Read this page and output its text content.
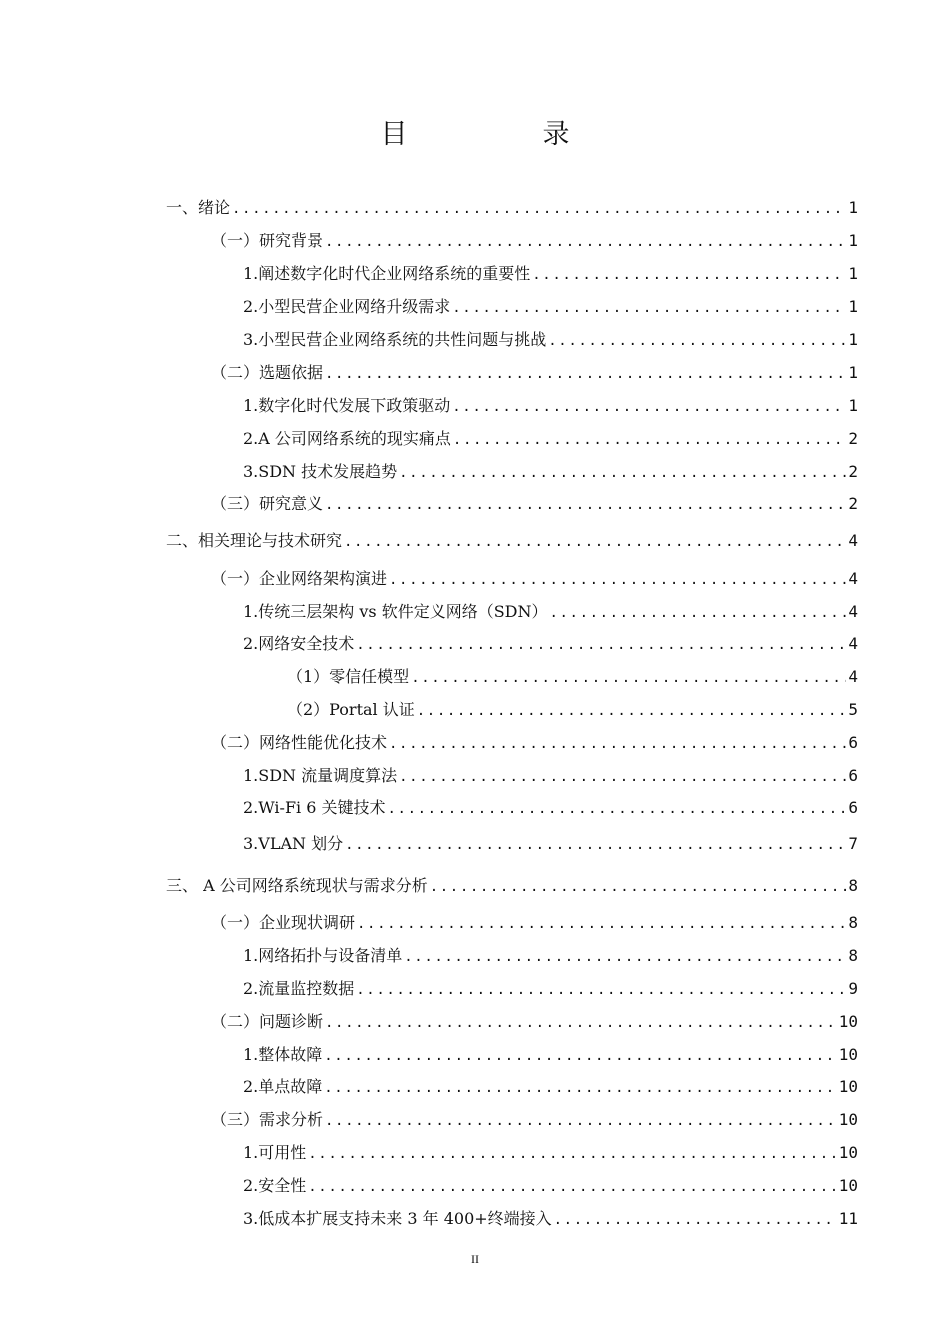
目　录
一、绪论 .....	1
（一）研究背景 .....	1
1.阐述数字化时代企业网络系统的重要性 .....	1
2.小型民营企业网络升级需求 .....	1
3.小型民营企业网络系统的共性问题与挑战 .....	1
（二）选题依据 .....	1
1.数字化时代发展下政策驱动 .....	1
2.A 公司网络系统的现实痛点 .....	2
3.SDN 技术发展趋势 .....	2
（三）研究意义 .....	2
二、相关理论与技术研究 .....	4
（一）企业网络架构演进 .....	4
1.传统三层架构 vs 软件定义网络（SDN） .....	4
2.网络安全技术 .....	4
（1）零信任模型 .....	4
（2）Portal 认证 .....	5
（二）网络性能优化技术 .....	6
1.SDN 流量调度算法 .....	6
2.Wi-Fi 6 关键技术 .....	6
3.VLAN 划分 .....	7
三、 A 公司网络系统现状与需求分析 .....	8
（一）企业现状调研 .....	8
1.网络拓扑与设备清单 .....	8
2.流量监控数据 .....	9
（二）问题诊断 .....	10
1.整体故障 .....	10
2.单点故障 .....	10
（三）需求分析 .....	10
1.可用性 .....	10
2.安全性 .....	10
3.低成本扩展支持未来 3 年 400+终端接入 .....	11
II
